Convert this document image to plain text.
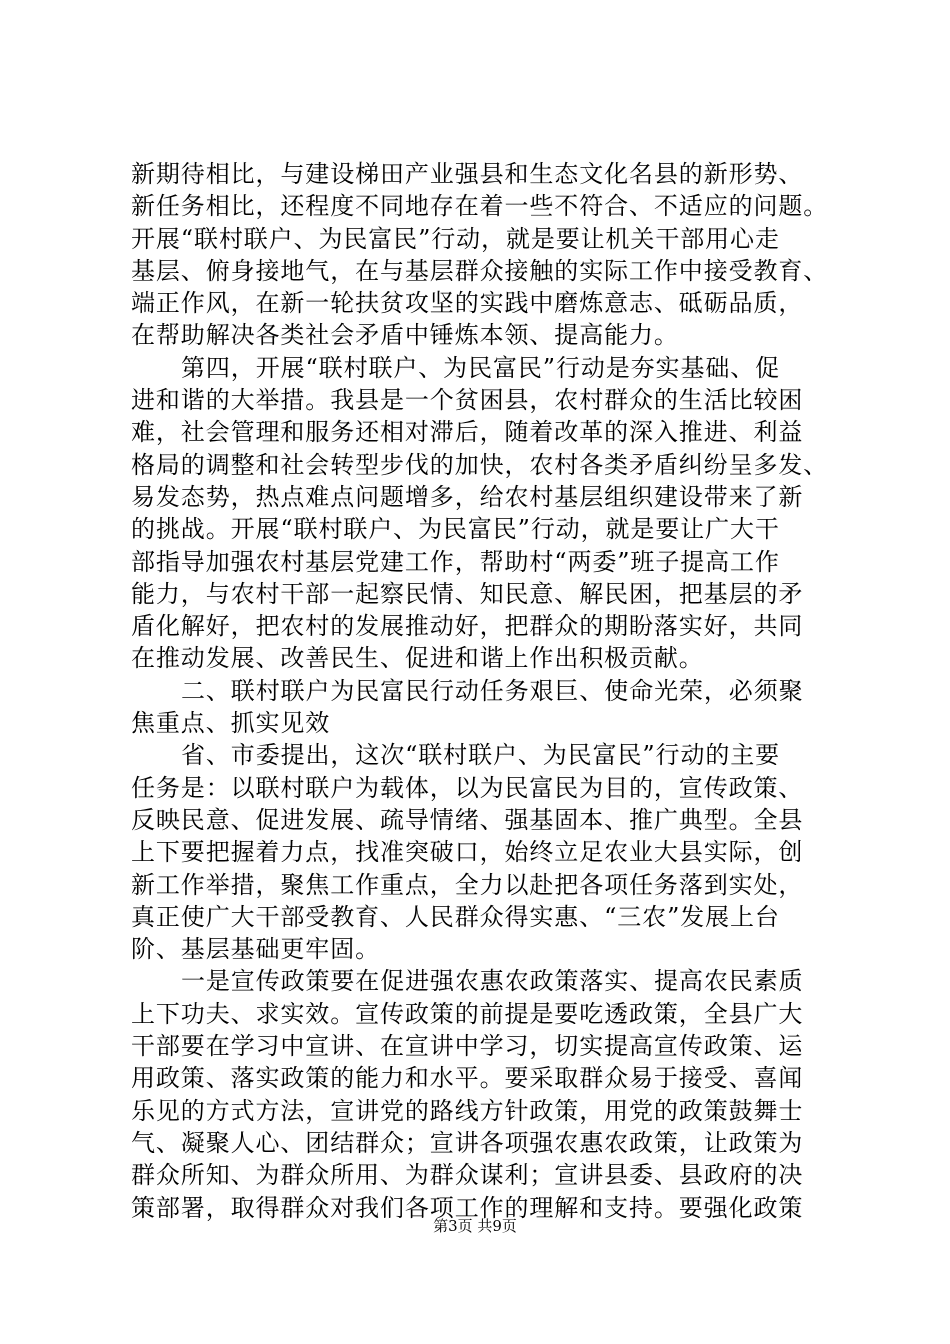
新期待相比，与建设梯田产业强县和生态文化名县的新形势、
新任务相比，还程度不同地存在着一些不符合、不适应的问题。
开展“联村联户、为民富民”行动，就是要让机关干部用心走
基层、俯身接地气，在与基层群众接触的实际工作中接受教育、
端正作风，在新一轮扶贫攻坚的实践中磨炼意志、砥砺品质，
在帮助解决各类社会矛盾中锤炼本领、提高能力。
第四，开展“联村联户、为民富民”行动是夯实基础、促
进和谐的大举措。我县是一个贫困县，农村群众的生活比较困
难，社会管理和服务还相对滞后，随着改革的深入推进、利益
格局的调整和社会转型步伐的加快，农村各类矛盾纠纷呈多发、
易发态势，热点难点问题增多，给农村基层组织建设带来了新
的挑战。开展“联村联户、为民富民”行动，就是要让广大干
部指导加强农村基层党建工作，帮助村“两委”班子提高工作
能力，与农村干部一起察民情、知民意、解民困，把基层的矛
盾化解好，把农村的发展推动好，把群众的期盼落实好，共同
在推动发展、改善民生、促进和谐上作出积极贡献。
二、联村联户为民富民行动任务艰巨、使命光荣，必须聚
焦重点、抓实见效
省、市委提出，这次“联村联户、为民富民”行动的主要
任务是：以联村联户为载体，以为民富民为目的，宣传政策、
反映民意、促进发展、疏导情绪、强基固本、推广典型。全县
上下要把握着力点，找准突破口，始终立足农业大县实际，创
新工作举措，聚焦工作重点，全力以赴把各项任务落到实处，
真正使广大干部受教育、人民群众得实惠、“三农”发展上台
阶、基层基础更牢固。
一是宣传政策要在促进强农惠农政策落实、提高农民素质
上下功夫、求实效。宣传政策的前提是要吃透政策，全县广大
干部要在学习中宣讲、在宣讲中学习，切实提高宣传政策、运
用政策、落实政策的能力和水平。要采取群众易于接受、喜闻
乐见的方式方法，宣讲党的路线方针政策，用党的政策鼓舞士
气、凝聚人心、团结群众；宣讲各项强农惠农政策，让政策为
群众所知、为群众所用、为群众谋利；宣讲县委、县政府的决
策部署，取得群众对我们各项工作的理解和支持。要强化政策
第3页 共9页
